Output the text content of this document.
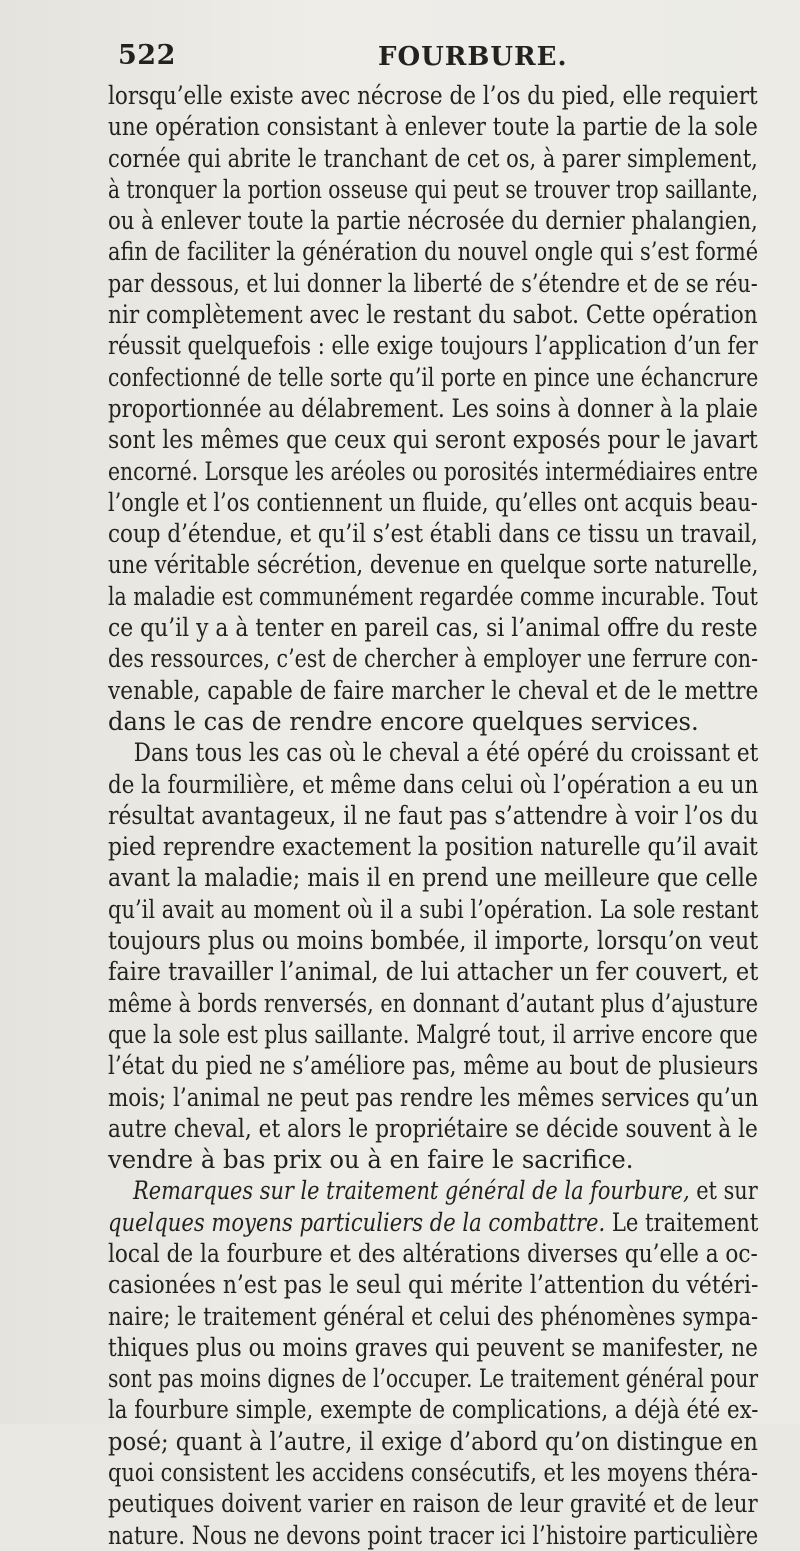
522	FOURBURE.
lorsqu’elle existe avec nécrose de l’os du pied, elle requiert
une opération consistant à enlever toute la partie de la sole
cornée qui abrite le tranchant de cet os, à parer simplement,
à tronquer la portion osseuse qui peut se trouver trop saillante,
ou à enlever toute la partie nécrosée du dernier phalangien,
afin de faciliter la génération du nouvel ongle qui s’est formé
par dessous, et lui donner la liberté de s’étendre et de se réu-
nir complètement avec le restant du sabot. Cette opération
réussit quelquefois : elle exige toujours l’application d’un fer
confectionné de telle sorte qu’il porte en pince une échancrure
proportionnée au délabrement. Les soins à donner à la plaie
sont les mêmes que ceux qui seront exposés pour le javart
encorné. Lorsque les aréoles ou porosités intermédiaires entre
l’ongle et l’os contiennent un fluide, qu’elles ont acquis beau-
coup d’étendue, et qu’il s’est établi dans ce tissu un travail,
une véritable sécrétion, devenue en quelque sorte naturelle,
la maladie est communément regardée comme incurable. Tout
ce qu’il y a à tenter en pareil cas, si l’animal offre du reste
des ressources, c’est de chercher à employer une ferrure con-
venable, capable de faire marcher le cheval et de le mettre
dans le cas de rendre encore quelques services.
Dans tous les cas où le cheval a été opéré du croissant et
de la fourmilière, et même dans celui où l’opération a eu un
résultat avantageux, il ne faut pas s’attendre à voir l’os du
pied reprendre exactement la position naturelle qu’il avait
avant la maladie; mais il en prend une meilleure que celle
qu’il avait au moment où il a subi l’opération. La sole restant
toujours plus ou moins bombée, il importe, lorsqu’on veut
faire travailler l’animal, de lui attacher un fer couvert, et
même à bords renversés, en donnant d’autant plus d’ajusture
que la sole est plus saillante. Malgré tout, il arrive encore que
l’état du pied ne s’améliore pas, même au bout de plusieurs
mois; l’animal ne peut pas rendre les mêmes services qu’un
autre cheval, et alors le propriétaire se décide souvent à le
vendre à bas prix ou à en faire le sacrifice.
Remarques sur le traitement général de la fourbure, et sur
quelques moyens particuliers de la combattre. Le traitement
local de la fourbure et des altérations diverses qu’elle a oc-
casionées n’est pas le seul qui mérite l’attention du vétéri-
naire; le traitement général et celui des phénomènes sympa-
thiques plus ou moins graves qui peuvent se manifester, ne
sont pas moins dignes de l’occuper. Le traitement général pour
la fourbure simple, exempte de complications, a déjà été ex-
posé; quant à l’autre, il exige d’abord qu’on distingue en
quoi consistent les accidens consécutifs, et les moyens théra-
peutiques doivent varier en raison de leur gravité et de leur
nature. Nous ne devons point tracer ici l’histoire particulière
